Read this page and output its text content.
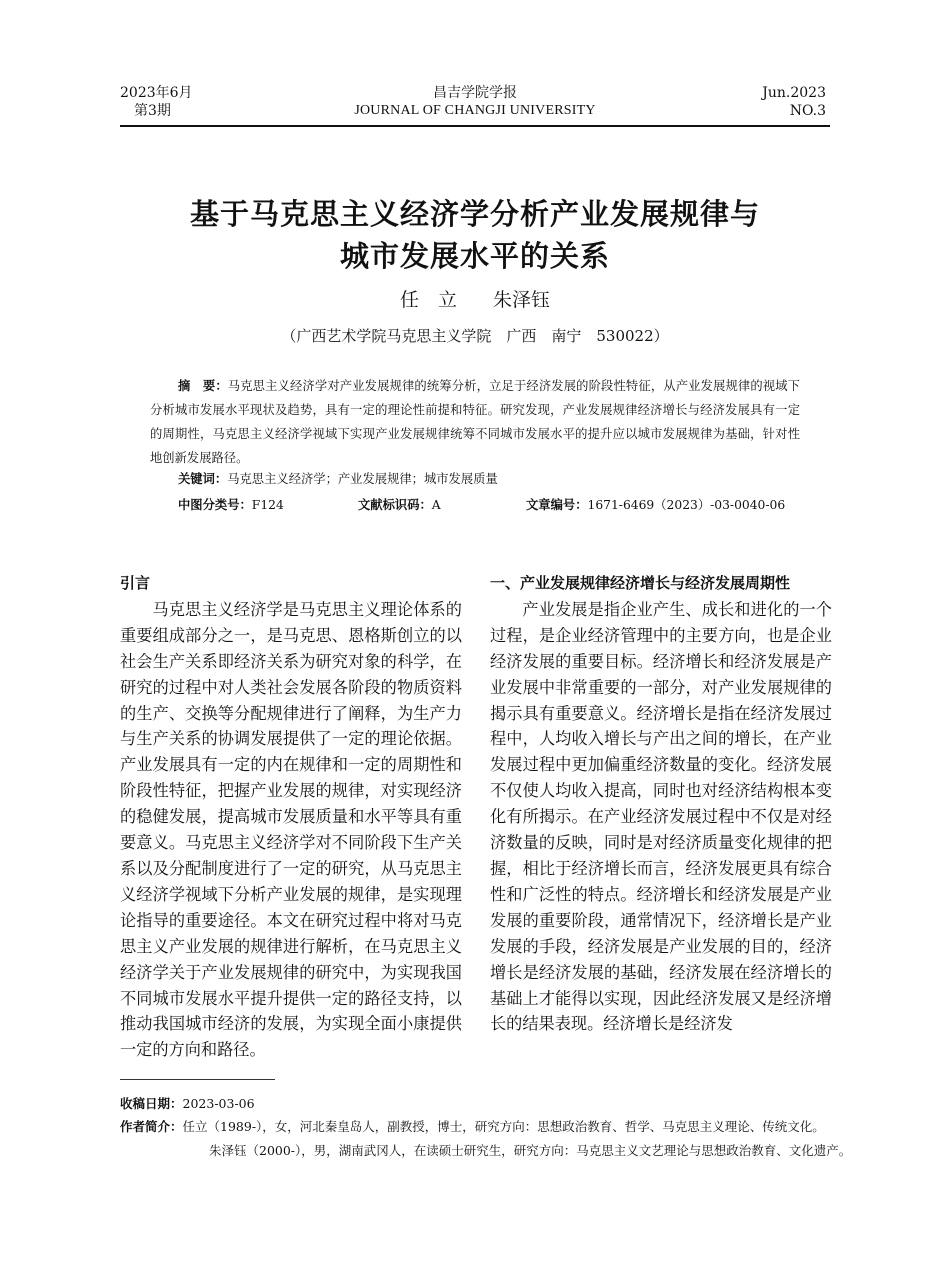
2023年6月
第3期
昌吉学院学报
JOURNAL OF CHANGJI UNIVERSITY
Jun.2023
NO.3
基于马克思主义经济学分析产业发展规律与
城市发展水平的关系
任　立 朱泽钰
（广西艺术学院马克思主义学院　广西　南宁　530022）
摘　要：马克思主义经济学对产业发展规律的统筹分析，立足于经济发展的阶段性特征，从产业发展规律的视域下分析城市发展水平现状及趋势，具有一定的理论性前提和特征。研究发现，产业发展规律经济增长与经济发展具有一定的周期性，马克思主义经济学视域下实现产业发展规律统筹不同城市发展水平的提升应以城市发展规律为基础，针对性地创新发展路径。
关键词：马克思主义经济学；产业发展规律；城市发展质量
中图分类号：F124	文献标识码：A	文章编号：1671-6469（2023）-03-0040-06
引言

马克思主义经济学是马克思主义理论体系的重要组成部分之一，是马克思、恩格斯创立的以社会生产关系即经济关系为研究对象的科学，在研究的过程中对人类社会发展各阶段的物质资料的生产、交换等分配规律进行了阐释，为生产力与生产关系的协调发展提供了一定的理论依据。产业发展具有一定的内在规律和一定的周期性和阶段性特征，把握产业发展的规律，对实现经济的稳健发展，提高城市发展质量和水平等具有重要意义。马克思主义经济学对不同阶段下生产关系以及分配制度进行了一定的研究，从马克思主义经济学视域下分析产业发展的规律，是实现理论指导的重要途径。本文在研究过程中将对马克思主义产业发展的规律进行解析，在马克思主义经济学关于产业发展规律的研究中，为实现我国不同城市发展水平提升提供一定的路径支持，以推动我国城市经济的发展，为实现全面小康提供一定的方向和路径。

一、产业发展规律经济增长与经济发展周期性

产业发展是指企业产生、成长和进化的一个过程，是企业经济管理中的主要方向，也是企业经济发展的重要目标。经济增长和经济发展是产业发展中非常重要的一部分，对产业发展规律的揭示具有重要意义。经济增长是指在经济发展过程中，人均收入增长与产出之间的增长，在产业发展过程中更加偏重经济数量的变化。经济发展不仅使人均收入提高，同时也对经济结构根本变化有所揭示。在产业经济发展过程中不仅是对经济数量的反映，同时是对经济质量变化规律的把握，相比于经济增长而言，经济发展更具有综合性和广泛性的特点。经济增长和经济发展是产业发展的重要阶段，通常情况下，经济增长是产业发展的手段，经济发展是产业发展的目的，经济增长是经济发展的基础，经济发展在经济增长的基础上才能得以实现，因此经济发展又是经济增长的结果表现。经济增长是经济发

收稿日期：2023-03-06
作者简介：任立（1989-），女，河北秦皇岛人，副教授，博士，研究方向：思想政治教育、哲学、马克思主义理论、传统文化。
朱泽钰（2000-），男，湖南武冈人，在读硕士研究生，研究方向：马克思主义文艺理论与思想政治教育、文化遗产。
